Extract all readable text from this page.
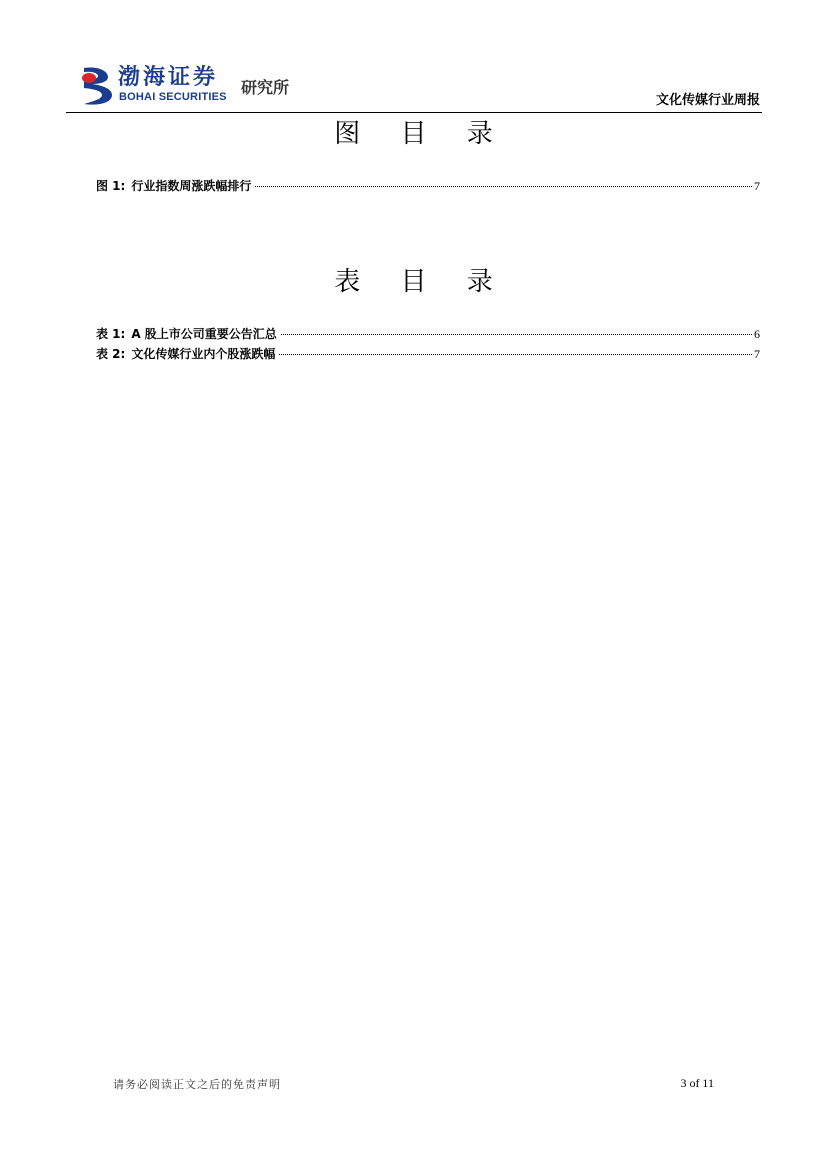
渤海证券
BOHAI SECURITIES 研究所
文化传媒行业周报
图 目 录
图 1: 行业指数周涨跌幅排行	7
表 目 录
表 1: A 股上市公司重要公告汇总	6
表 2: 文化传媒行业内个股涨跌幅	7
请务必阅读正文之后的免责声明	3 of 11
